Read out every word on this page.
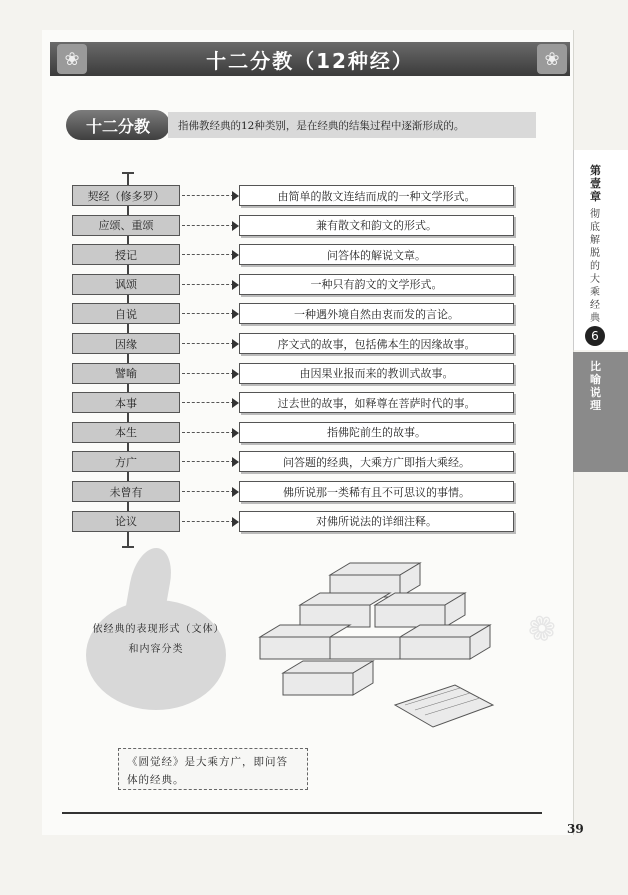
十二分教（12种经）
❀	❀
十二分教	指佛教经典的12种类别，是在经典的结集过程中逐渐形成的。
契经（修多罗）	由简单的散文连结而成的一种文学形式。
应颂、重颂	兼有散文和韵文的形式。
授记	问答体的解说文章。
讽颂	一种只有韵文的文学形式。
自说	一种遇外境自然由衷而发的言论。
因缘	序文式的故事，包括佛本生的因缘故事。
譬喻	由因果业报而来的教训式故事。
本事	过去世的故事，如释尊在菩萨时代的事。
本生	指佛陀前生的故事。
方广	问答题的经典，大乘方广即指大乘经。
未曾有	佛所说那一类稀有且不可思议的事情。
论议	对佛所说法的详细注释。
依经典的表现形式（文体）和内容分类
《圆觉经》是大乘方广，即问答体的经典。
❁
39
第壹章
彻底解脱的大乘经典
6
比喻说理
